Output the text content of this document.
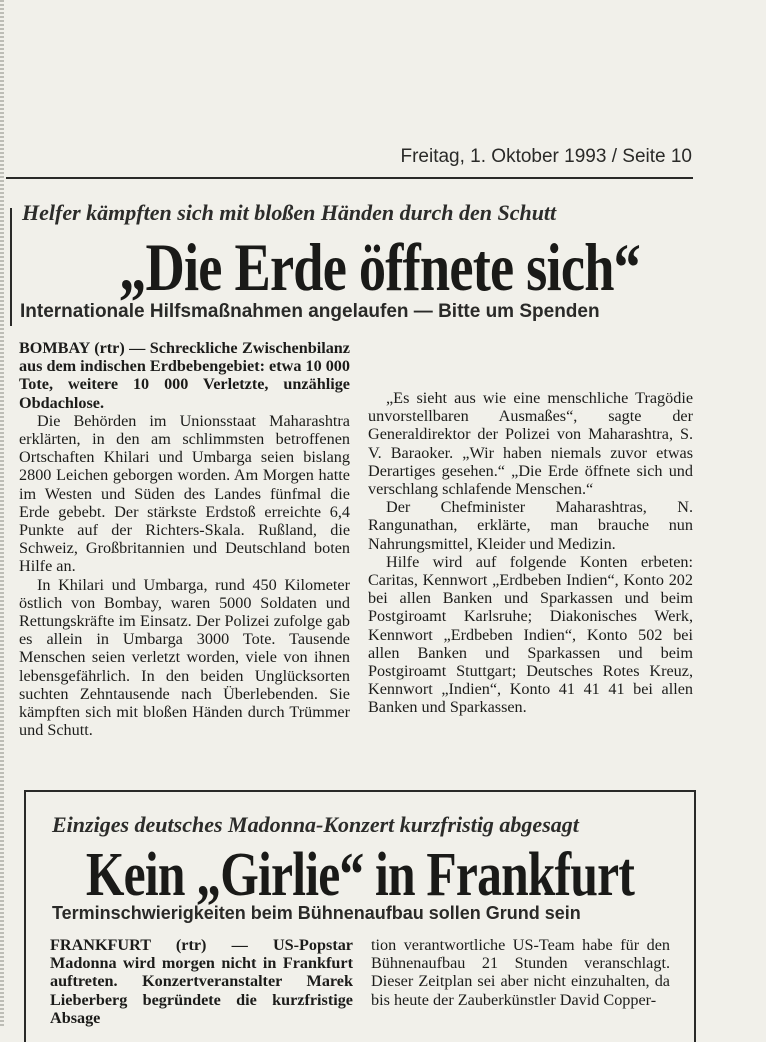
Freitag, 1. Oktober 1993 / Seite 10
Helfer kämpften sich mit bloßen Händen durch den Schutt
„Die Erde öffnete sich“
Internationale Hilfsmaßnahmen angelaufen — Bitte um Spenden

BOMBAY (rtr) — Schreckliche Zwischenbilanz aus dem indischen Erdbebengebiet: etwa 10 000 Tote, weitere 10 000 Verletzte, unzählige Obdachlose.

Die Behörden im Unionsstaat Maharashtra erklärten, in den am schlimmsten betroffenen Ortschaften Khilari und Umbarga seien bislang 2800 Leichen geborgen worden. Am Morgen hatte im Westen und Süden des Landes fünfmal die Erde gebebt. Der stärkste Erdstoß erreichte 6,4 Punkte auf der Richters-Skala. Rußland, die Schweiz, Großbritannien und Deutschland boten Hilfe an.

In Khilari und Umbarga, rund 450 Kilometer östlich von Bombay, waren 5000 Soldaten und Rettungskräfte im Einsatz. Der Polizei zufolge gab es allein in Umbarga 3000 Tote. Tausende Menschen seien verletzt worden, viele von ihnen lebensgefährlich. In den beiden Unglücksorten suchten Zehntausende nach Überlebenden. Sie kämpften sich mit bloßen Händen durch Trümmer und Schutt.

„Es sieht aus wie eine menschliche Tragödie unvorstellbaren Ausmaßes“, sagte der Generaldirektor der Polizei von Maharashtra, S. V. Baraoker. „Wir haben niemals zuvor etwas Derartiges gesehen.“ „Die Erde öffnete sich und verschlang schlafende Menschen.“

Der Chefminister Maharashtras, N. Rangunathan, erklärte, man brauche nun Nahrungsmittel, Kleider und Medizin.

Hilfe wird auf folgende Konten erbeten: Caritas, Kennwort „Erdbeben Indien“, Konto 202 bei allen Banken und Sparkassen und beim Postgiroamt Karlsruhe; Diakonisches Werk, Kennwort „Erdbeben Indien“, Konto 502 bei allen Banken und Sparkassen und beim Postgiroamt Stuttgart; Deutsches Rotes Kreuz, Kennwort „Indien“, Konto 41 41 41 bei allen Banken und Sparkassen.

Einziges deutsches Madonna-Konzert kurzfristig abgesagt
Kein „Girlie“ in Frankfurt
Terminschwierigkeiten beim Bühnenaufbau sollen Grund sein

FRANKFURT (rtr) — US-Popstar Madonna wird morgen nicht in Frankfurt auftreten. Konzertveranstalter Marek Lieberberg begründete die kurzfristige Absage

tion verantwortliche US-Team habe für den Bühnenaufbau 21 Stunden veranschlagt. Dieser Zeitplan sei aber nicht einzuhalten, da bis heute der Zauberkünstler David Copper-
